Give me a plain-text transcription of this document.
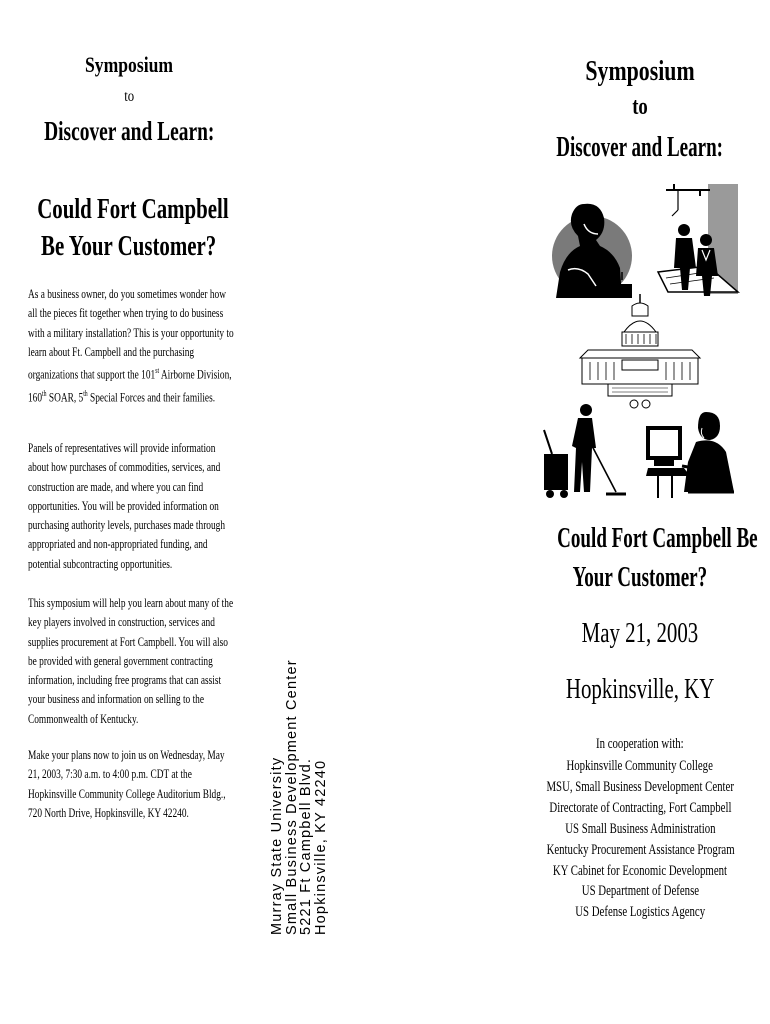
Symposium
to
Discover and Learn:
Could Fort Campbell
Be Your Customer?
As a business owner, do you sometimes wonder how all the pieces fit together when trying to do business with a military installation? This is your opportunity to learn about Ft. Campbell and the purchasing organizations that support the 101st Airborne Division, 160th SOAR, 5th Special Forces and their families.
Panels of representatives will provide information about how purchases of commodities, services, and construction are made, and where you can find opportunities. You will be provided information on purchasing authority levels, purchases made through appropriated and non-appropriated funding, and potential subcontracting opportunities.
This symposium will help you learn about many of the key players involved in construction, services and supplies procurement at Fort Campbell. You will also be provided with general government contracting information, including free programs that can assist your business and information on selling to the Commonwealth of Kentucky.
Make your plans now to join us on Wednesday, May 21, 2003, 7:30 a.m. to 4:00 p.m. CDT at the Hopkinsville Community College Auditorium Bldg., 720 North Drive, Hopkinsville, KY 42240.	Murray State University
Small Business Development Center
5221 Ft Campbell Blvd.
Hopkinsville, KY 42240
Symposium
to
Discover and Learn:
Could Fort Campbell Be
Your Customer?
May 21, 2003
Hopkinsville, KY
In cooperation with:
Hopkinsville Community College
MSU, Small Business Development Center
Directorate of Contracting, Fort Campbell
US Small Business Administration
Kentucky Procurement Assistance Program
KY Cabinet for Economic Development
US Department of Defense
US Defense Logistics Agency
